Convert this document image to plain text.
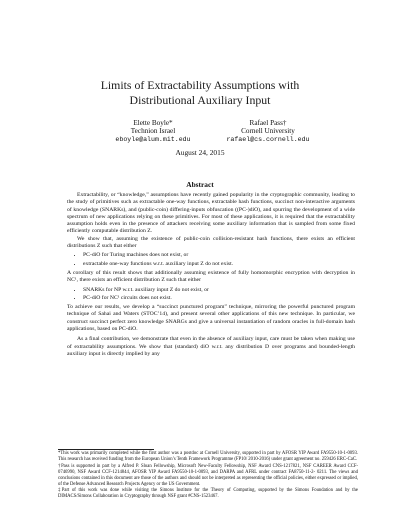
Limits of Extractability Assumptions with
Distributional Auxiliary Input
Elette Boyle*
Technion Israel
eboyle@alum.mit.edu
Rafael Pass†
Cornell University
rafael@cs.cornell.edu
August 24, 2015
Abstract

Extractability, or “knowledge,” assumptions have recently gained popularity in the cryptographic community, leading to the study of primitives such as extractable one-way functions, extractable hash functions, succinct non-interactive arguments of knowledge (SNARKs), and (public-coin) differing-inputs obfuscation ((PC-)diO), and spurring the development of a wide spectrum of new applications relying on these primitives. For most of these applications, it is required that the extractability assumption holds even in the presence of attackers receiving some auxiliary information that is sampled from some fixed efficiently computable distribution Z.

We show that, assuming the existence of public-coin collision-resistant hash functions, there exists an efficient distributions Z such that either

• PC-diO for Turing machines does not exist, or
• extractable one-way functions w.r.t. auxiliary input Z do not exist.

A corollary of this result shows that additionally assuming existence of fully homomorphic encryption with decryption in NC¹, there exists an efficient distribution Z such that either

• SNARKs for NP w.r.t. auxiliary input Z do not exist, or
• PC-diO for NC¹ circuits does not exist.

To achieve our results, we develop a “succinct punctured program” technique, mirroring the powerful punctured program technique of Sahai and Waters (STOC’14), and present several other applications of this new technique. In particular, we construct succinct perfect zero knowledge SNARGs and give a universal instantiation of random oracles in full-domain hash applications, based on PC-diO.

As a final contribution, we demonstrate that even in the absence of auxiliary input, care must be taken when making use of extractability assumptions. We show that (standard) diO w.r.t. any distribution D over programs and bounded-length auxiliary input is directly implied by any

*This work was primarily completed while the first author was a postdoc at Cornell University, supported in part by AFOSR YIP Award FA9550-10-1-0093. This research has received funding from the European Union’s Tenth Framework Programme (FP10/ 2010-2016) under grant agreement no. 259426 ERC-CaC.

†Pass is supported in part by a Alfred P. Sloan Fellowship, Microsoft New-Faculty Fellowship, NSF Award CNS-1217821, NSF CAREER Award CCF-0746990, NSF Award CCF-1214844, AFOSR YIP Award FA9550-10-1-0093, and DARPA and AFRL under contract FA8750-11-2- 0211. The views and conclusions contained in this document are those of the authors and should not be interpreted as representing the official policies, either expressed or implied, of the Defense Advanced Research Projects Agency or the US Government.

‡Part of this work was done while visiting the Simons Institute for the Theory of Computing, supported by the Simons Foundation and by the DIMACS/Simons Collaboration in Cryptography through NSF grant #CNS-1523467.
